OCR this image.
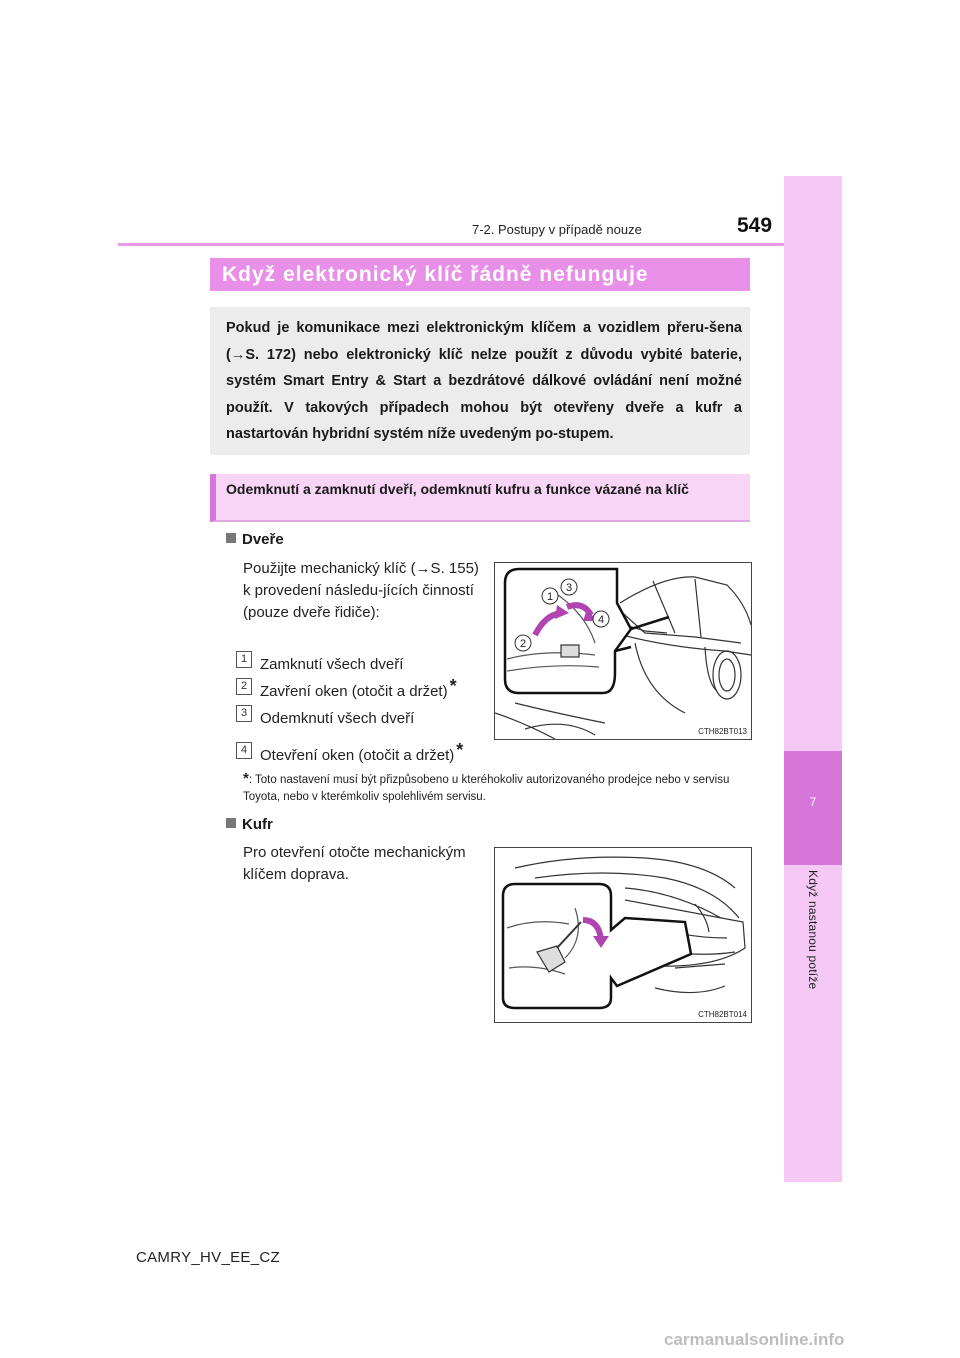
7-2. Postupy v případě nouze	549
7
Když nastanou potíže
Když elektronický klíč řádně nefunguje
Pokud je komunikace mezi elektronickým klíčem a vozidlem přeru-šena (→S. 172) nebo elektronický klíč nelze použít z důvodu vybité baterie, systém Smart Entry & Start a bezdrátové dálkové ovládání není možné použít. V takových případech mohou být otevřeny dveře a kufr a nastartován hybridní systém níže uvedeným po-stupem.
Odemknutí a zamknutí dveří, odemknutí kufru a funkce vázané na klíč
Dveře
Použijte mechanický klíč (→S. 155) k provedení následu-jících činností (pouze dveře řidiče):
1 Zamknutí všech dveří
2 Zavření oken (otočit a držet) *
3 Odemknutí všech dveří
4 Otevření oken (otočit a držet) *
1
3
4
2
CTH82BT013
*: Toto nastavení musí být přizpůsobeno u kteréhokoliv autorizovaného prodejce nebo v servisu Toyota, nebo v kterémkoliv spolehlivém servisu.
Kufr
Pro otevření otočte mechanickým klíčem doprava.
CTH82BT014
CAMRY_HV_EE_CZ
carmanualsonline.info
